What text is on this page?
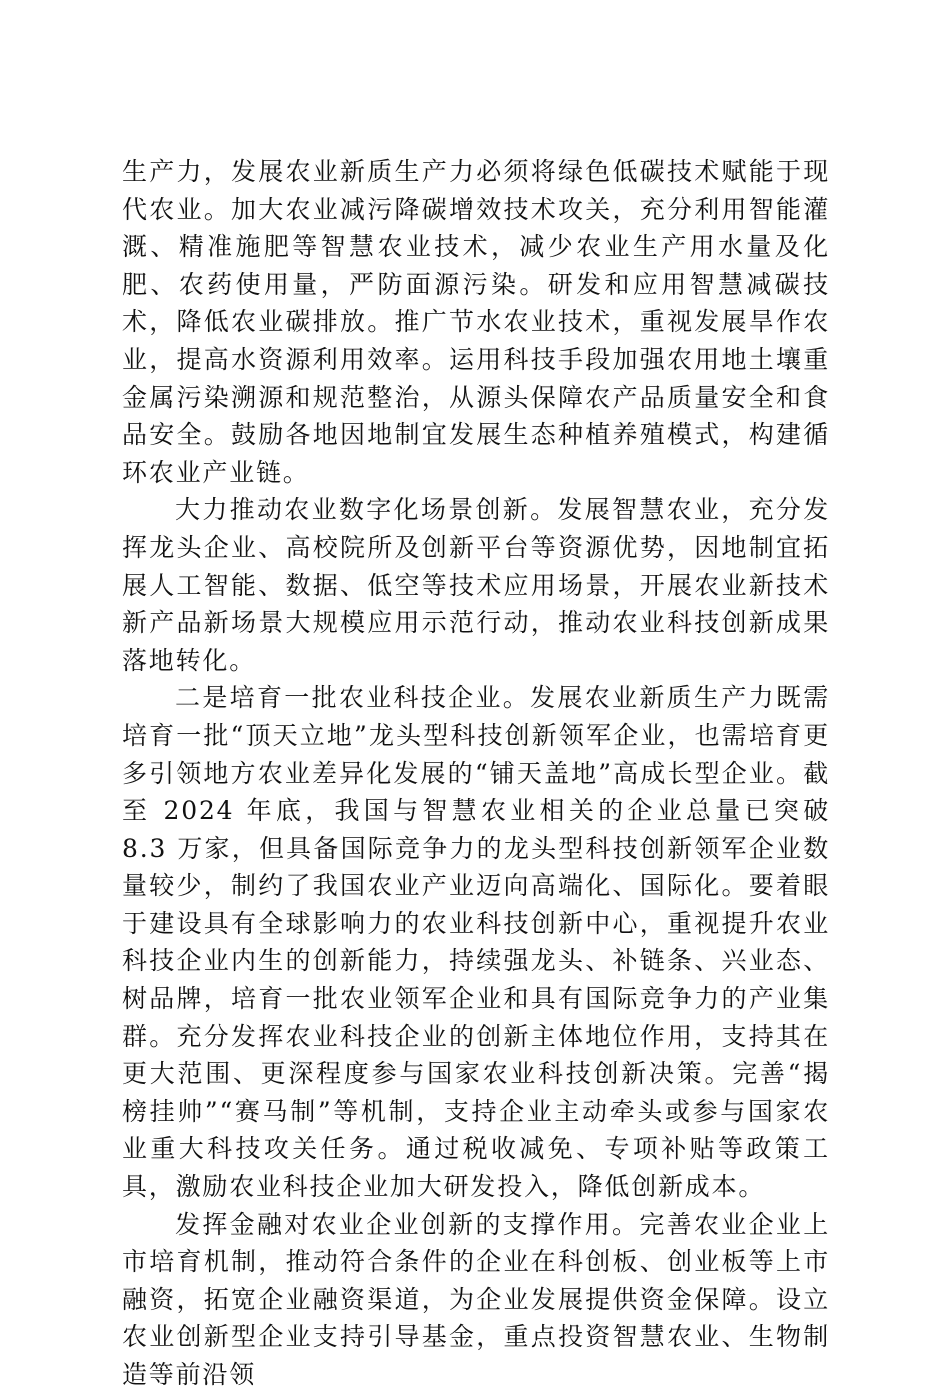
生产力，发展农业新质生产力必须将绿色低碳技术赋能于现代农业。加大农业减污降碳增效技术攻关，充分利用智能灌溉、精准施肥等智慧农业技术，减少农业生产用水量及化肥、农药使用量，严防面源污染。研发和应用智慧减碳技术，降低农业碳排放。推广节水农业技术，重视发展旱作农业，提高水资源利用效率。运用科技手段加强农用地土壤重金属污染溯源和规范整治，从源头保障农产品质量安全和食品安全。鼓励各地因地制宜发展生态种植养殖模式，构建循环农业产业链。

大力推动农业数字化场景创新。发展智慧农业，充分发挥龙头企业、高校院所及创新平台等资源优势，因地制宜拓展人工智能、数据、低空等技术应用场景，开展农业新技术新产品新场景大规模应用示范行动，推动农业科技创新成果落地转化。

二是培育一批农业科技企业。发展农业新质生产力既需培育一批“顶天立地”龙头型科技创新领军企业，也需培育更多引领地方农业差异化发展的“铺天盖地”高成长型企业。截至 2024 年底，我国与智慧农业相关的企业总量已突破 8.3 万家，但具备国际竞争力的龙头型科技创新领军企业数量较少，制约了我国农业产业迈向高端化、国际化。要着眼于建设具有全球影响力的农业科技创新中心，重视提升农业科技企业内生的创新能力，持续强龙头、补链条、兴业态、树品牌，培育一批农业领军企业和具有国际竞争力的产业集群。充分发挥农业科技企业的创新主体地位作用，支持其在更大范围、更深程度参与国家农业科技创新决策。完善“揭榜挂帅”“赛马制”等机制，支持企业主动牵头或参与国家农业重大科技攻关任务。通过税收减免、专项补贴等政策工具，激励农业科技企业加大研发投入，降低创新成本。

发挥金融对农业企业创新的支撑作用。完善农业企业上市培育机制，推动符合条件的企业在科创板、创业板等上市融资，拓宽企业融资渠道，为企业发展提供资金保障。设立农业创新型企业支持引导基金，重点投资智慧农业、生物制造等前沿领
